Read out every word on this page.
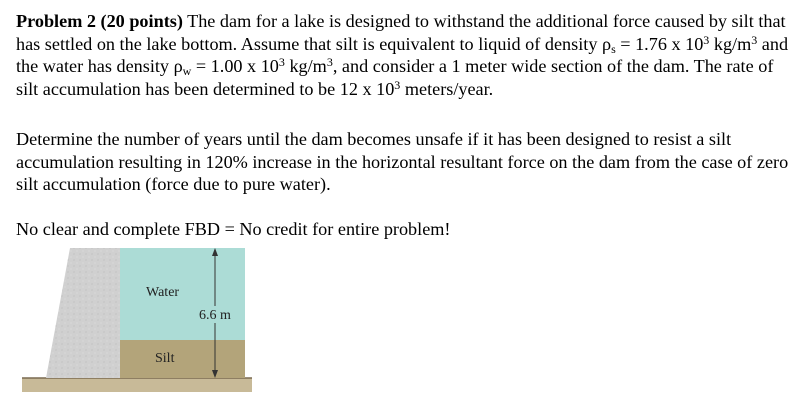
Problem 2 (20 points) The dam for a lake is designed to withstand the additional force caused by silt that has settled on the lake bottom. Assume that silt is equivalent to liquid of density $\rho_s = 1.76$ x $10^3$ $kg/m^3$ and the water has density $\rho_w = 1.00$ x $10^3$ $kg/m^3$, and consider a 1 meter wide section of the dam. The rate of silt accumulation has been determined to be 12 x $10^3$ meters/year.

Determine the number of years until the dam becomes unsafe if it has been designed to resist a silt accumulation resulting in 120% increase in the horizontal resultant force on the dam from the case of zero silt accumulation (force due to pure water).

No clear and complete FBD = No credit for entire problem!

Water
6.6 m
Silt
